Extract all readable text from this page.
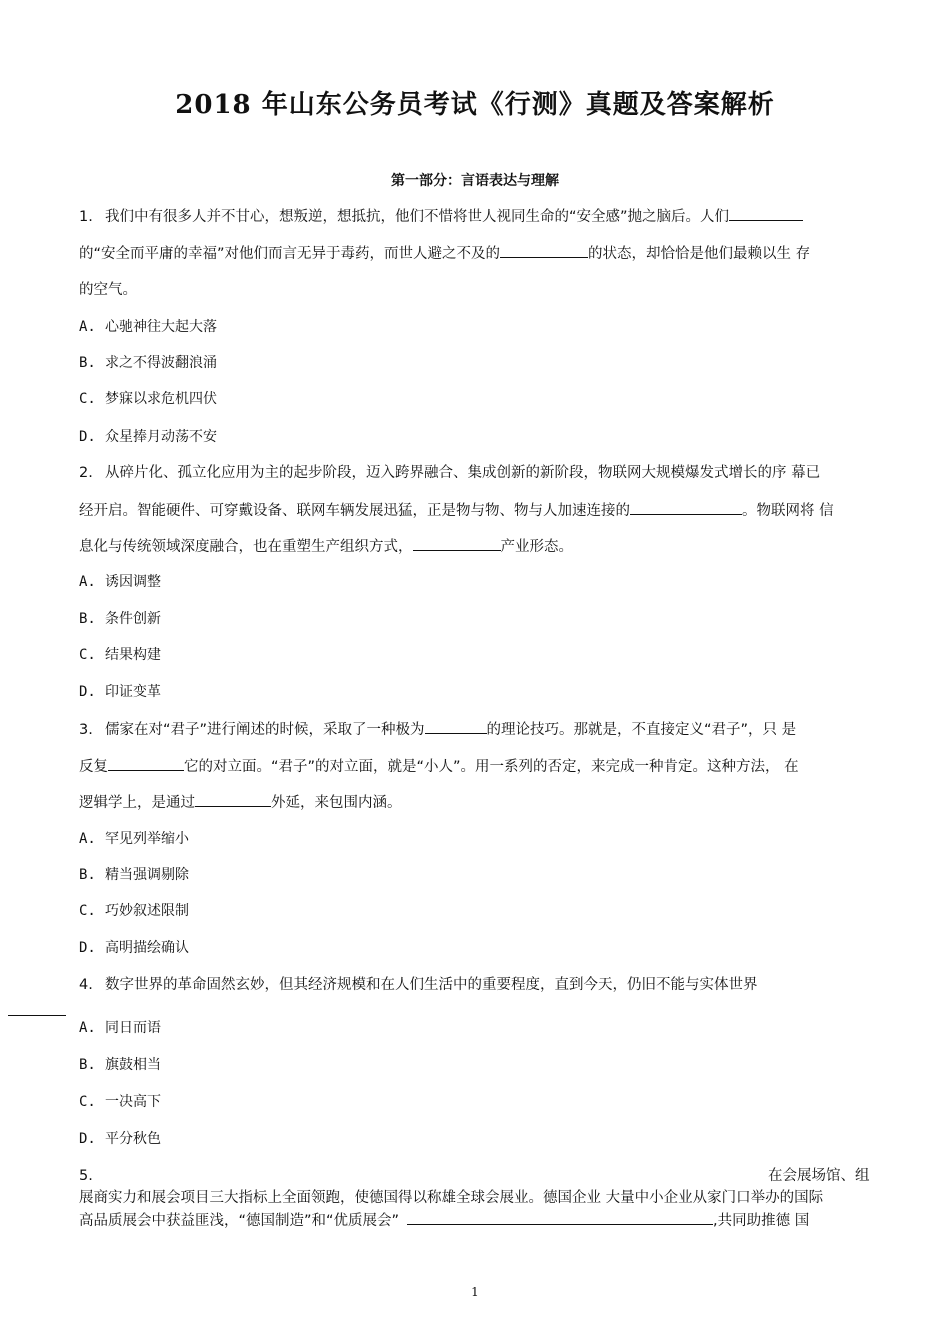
2018 年山东公务员考试《行测》真题及答案解析
第一部分：言语表达与理解
1. 我们中有很多人并不甘心，想叛逆，想抵抗，他们不惜将世人视同生命的“安全感”抛之脑后。人们
的“安全而平庸的幸福”对他们而言无异于毒药，而世人避之不及的	的状态，却恰恰是他们最赖以生 存
的空气。
A. 心驰神往大起大落
B. 求之不得波翻浪涌
C. 梦寐以求危机四伏
D. 众星捧月动荡不安
2. 从碎片化、孤立化应用为主的起步阶段，迈入跨界融合、集成创新的新阶段，物联网大规模爆发式增长的序 幕已
经开启。智能硬件、可穿戴设备、联网车辆发展迅猛，正是物与物、物与人加速连接的	。物联网将 信
息化与传统领域深度融合，也在重塑生产组织方式，	产业形态。
A. 诱因调整
B. 条件创新
C. 结果构建
D. 印证变革
3. 儒家在对“君子”进行阐述的时候，采取了一种极为	的理论技巧。那就是，不直接定义“君子”，只 是
反复	它的对立面。“君子”的对立面，就是“小人”。用一系列的否定，来完成一种肯定。这种方法， 在
逻辑学上，是通过	外延，来包围内涵。
A. 罕见列举缩小
B. 精当强调剔除
C. 巧妙叙述限制
D. 高明描绘确认
4. 数字世界的革命固然玄妙，但其经济规模和在人们生活中的重要程度，直到今天，仍旧不能与实体世界
A. 同日而语
B. 旗鼓相当
C. 一决高下
D. 平分秋色
5.	在会展场馆、组
展商实力和展会项目三大指标上全面领跑，使德国得以称雄全球会展业。德国企业 大量中小企业从家门口举办的国际
高品质展会中获益匪浅，“德国制造”和“优质展会”	,共同助推德 国
1
